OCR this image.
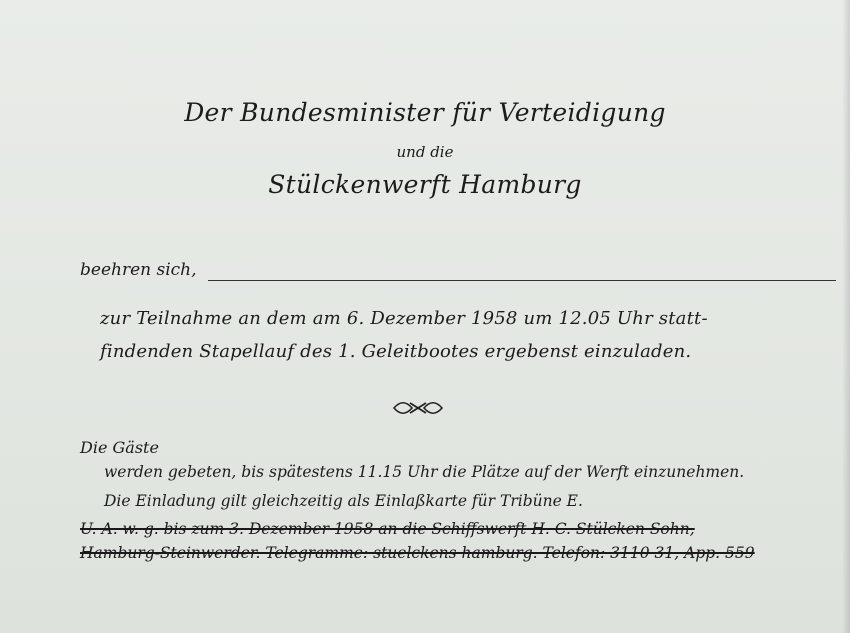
Der Bundesminister für Verteidigung
und die
Stülckenwerft Hamburg
beehren sich,
zur Teilnahme an dem am 6. Dezember 1958 um 12.05 Uhr statt-
findenden Stapellauf des 1. Geleitbootes ergebenst einzuladen.
Die Gäste
werden gebeten, bis spätestens 11.15 Uhr die Plätze auf der Werft einzunehmen.
Die Einladung gilt gleichzeitig als Einlaßkarte für Tribüne E.
U. A. w. g. bis zum 3. Dezember 1958 an die Schiffswerft H. C. Stülcken Sohn,
Hamburg-Steinwerder. Telegramme: stuelckens hamburg. Telefon: 3110 31, App. 559
